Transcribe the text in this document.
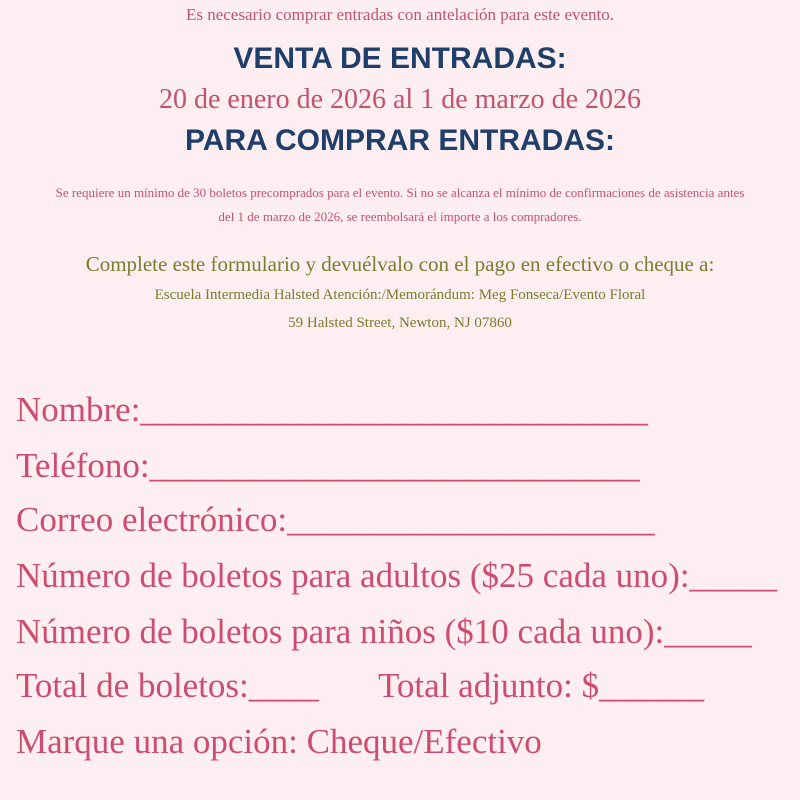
Es necesario comprar entradas con antelación para este evento.
VENTA DE ENTRADAS:
20 de enero de 2026 al 1 de marzo de 2026
PARA COMPRAR ENTRADAS:
Se requiere un mínimo de 30 boletos precomprados para el evento. Si no se alcanza el mínimo de confirmaciones de asistencia antes
del 1 de marzo de 2026, se reembolsará el importe a los compradores.
Complete este formulario y devuélvalo con el pago en efectivo o cheque a:
Escuela Intermedia Halsted Atención:/Memorándum: Meg Fonseca/Evento Floral
59 Halsted Street, Newton, NJ 07860
Nombre:_____________________________
Teléfono:____________________________
Correo electrónico:_____________________
Número de boletos para adultos ($25 cada uno):_____
Número de boletos para niños ($10 cada uno):_____
Total de boletos:____ Total adjunto: $______
Marque una opción: Cheque/Efectivo
